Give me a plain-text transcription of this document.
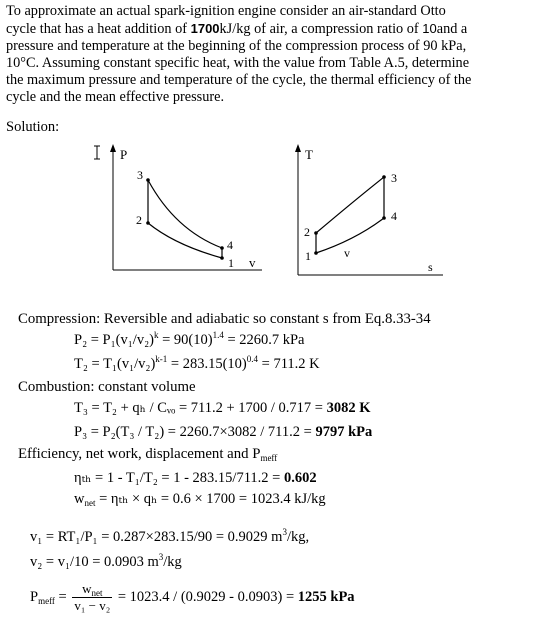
To approximate an actual spark-ignition engine consider an air-standard Otto
cycle that has a heat addition of 1700kJ/kg of air, a compression ratio of 10and a
pressure and temperature at the beginning of the compression process of 90 kPa,
10°C. Assuming constant specific heat, with the value from Table A.5, determine
the maximum pressure and temperature of the cycle, the thermal efficiency of the
cycle and the mean effective pressure.
Solution:
P
v
3
2
4
1
T
s
2
1
3
4
v
Compression: Reversible and adiabatic so constant s from Eq.8.33-34
$P_2 = P_1(v_1/v_2)^k = 90(10)^{1.4} = 2260.7$ kPa
$T_2 = T_1(v_1/v_2)^{k-1} = 283.15(10)^{0.4} = 711.2$ K
Combustion: constant volume
T₃ = T₂ + qₕ / Cᵥₒ = 711.2 + 1700 / 0.717 = 3082 K
P₃ = P₂(T₃ / T₂) = 2260.7×3082 / 711.2 = 9797 kPa
Efficiency, net work, displacement and $P_{meff}$
ηₜₕ = 1 - T₁/T₂ = 1 - 283.15/711.2 = 0.602
$w_{net} = \eta_{th} \times q_h = 0.6 \times 1700 = 1023.4$ kJ/kg
v₁ = RT₁/P₁ = 0.287×283.15/90 = 0.9029 $m^3/kg$,
v₂ = v₁/10 = 0.0903 $m^3/kg$
$P_{meff} = \frac{w_{net}}{\text{v₁ − v₂}} = 1023.4 / (0.9029 - 0.0903) = 1255$ kPa
